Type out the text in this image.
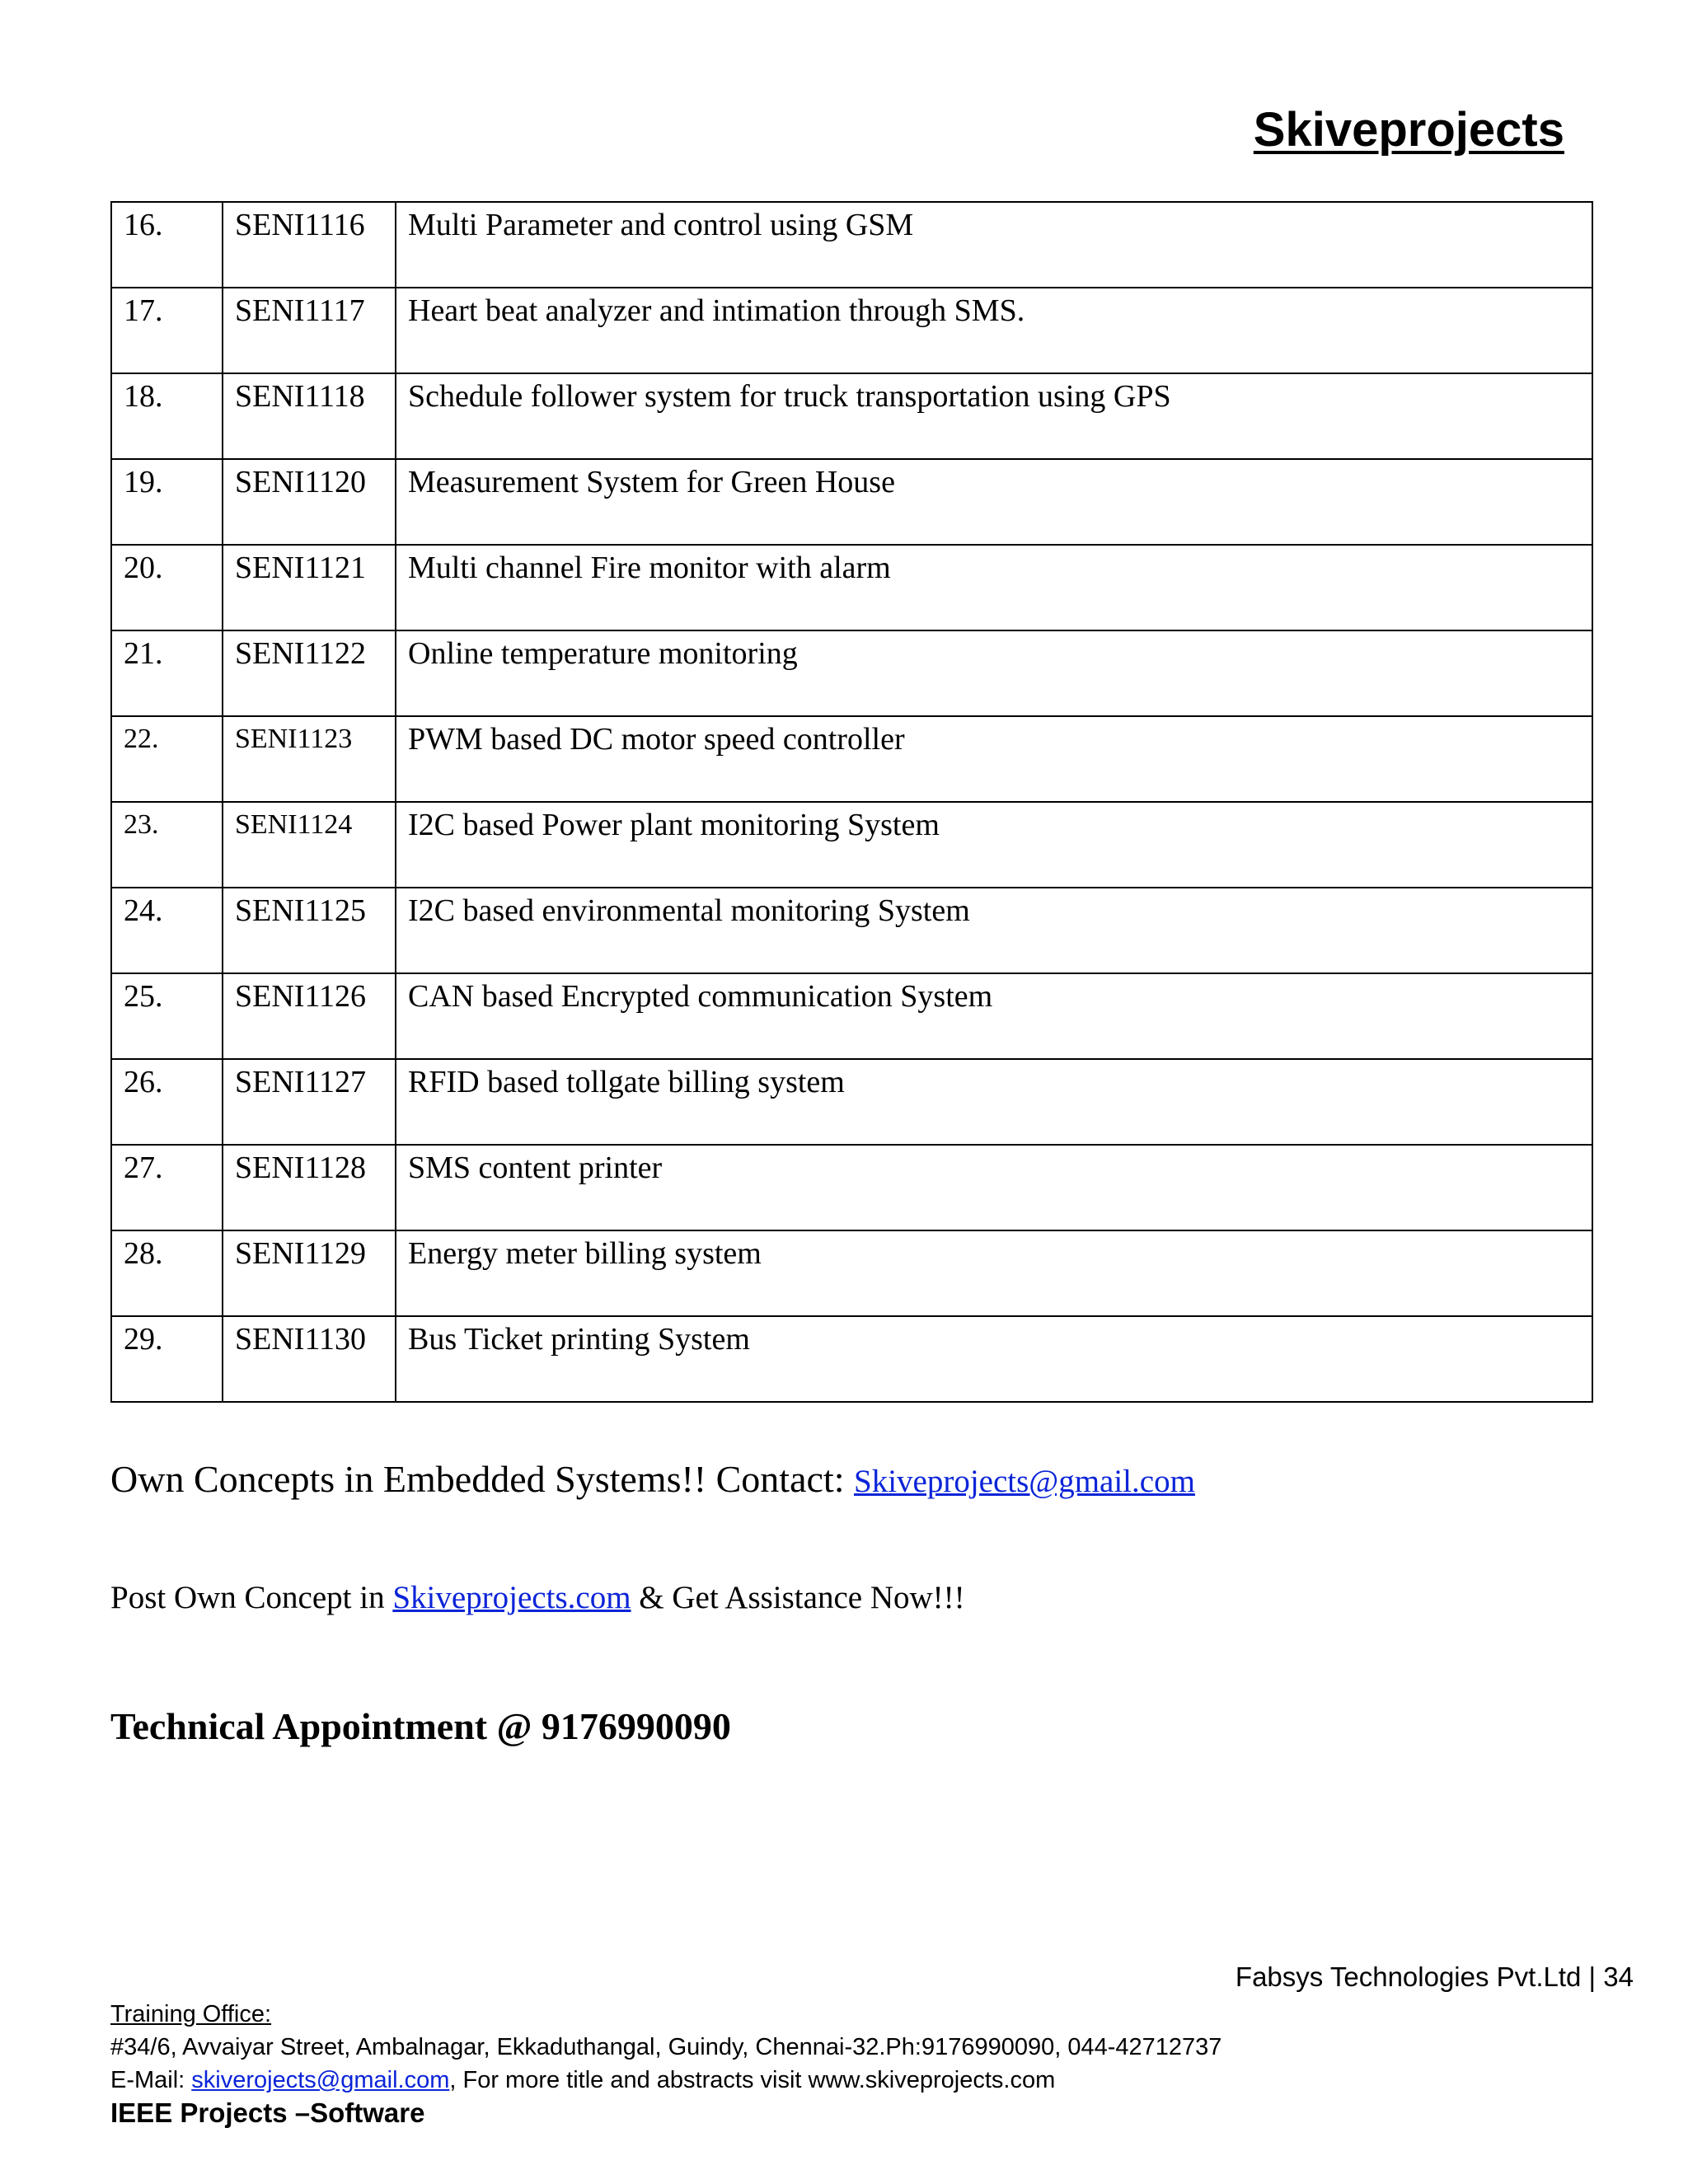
Skiveprojects
16.	SENI1116	Multi Parameter and control using GSM
17.	SENI1117	Heart beat analyzer and intimation through SMS.
18.	SENI1118	Schedule follower system for truck transportation using GPS
19.	SENI1120	Measurement System for Green House
20.	SENI1121	Multi channel Fire monitor with alarm
21.	SENI1122	Online temperature monitoring
22.	SENI1123	PWM based DC motor speed controller
23.	SENI1124	I2C based Power plant monitoring System
24.	SENI1125	I2C based environmental monitoring System
25.	SENI1126	CAN based Encrypted communication System
26.	SENI1127	RFID based tollgate billing system
27.	SENI1128	SMS content printer
28.	SENI1129	Energy meter billing system
29.	SENI1130	Bus Ticket printing System

Own Concepts in Embedded Systems!! Contact: Skiveprojects@gmail.com

Post Own Concept in Skiveprojects.com & Get Assistance Now!!!

Technical Appointment @ 9176990090

Fabsys Technologies Pvt.Ltd | 34
Training Office:
#34/6, Avvaiyar Street, Ambalnagar, Ekkaduthangal, Guindy, Chennai-32.Ph:9176990090, 044-42712737
E-Mail: skiverojects@gmail.com, For more title and abstracts visit www.skiveprojects.com
IEEE Projects –Software
